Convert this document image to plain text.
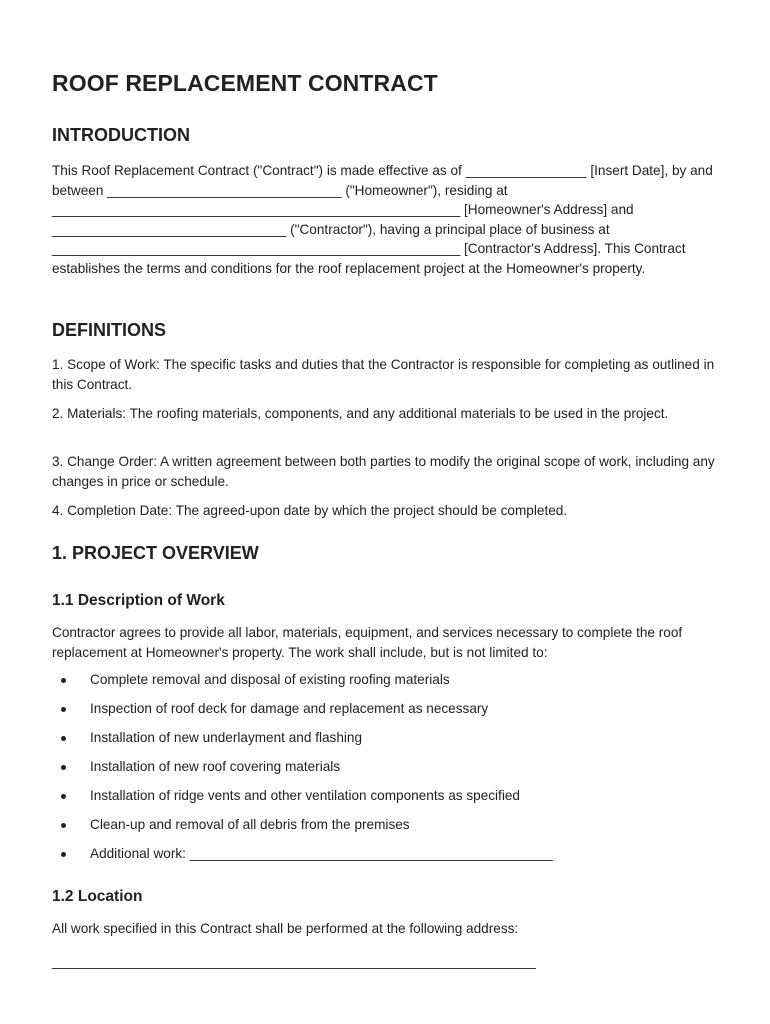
ROOF REPLACEMENT CONTRACT
INTRODUCTION

This Roof Replacement Contract ("Contract") is made effective as of ________________ [Insert Date], by and between _______________________________ ("Homeowner"), residing at ______________________________________________________ [Homeowner's Address] and _______________________________ ("Contractor"), having a principal place of business at ______________________________________________________ [Contractor's Address]. This Contract establishes the terms and conditions for the roof replacement project at the Homeowner's property.

DEFINITIONS

1. Scope of Work: The specific tasks and duties that the Contractor is responsible for completing as outlined in this Contract.

2. Materials: The roofing materials, components, and any additional materials to be used in the project.

3. Change Order: A written agreement between both parties to modify the original scope of work, including any changes in price or schedule.

4. Completion Date: The agreed-upon date by which the project should be completed.

1. PROJECT OVERVIEW
1.1 Description of Work

Contractor agrees to provide all labor, materials, equipment, and services necessary to complete the roof replacement at Homeowner's property. The work shall include, but is not limited to:

Complete removal and disposal of existing roofing materials
Inspection of roof deck for damage and replacement as necessary
Installation of new underlayment and flashing
Installation of new roof covering materials
Installation of ridge vents and other ventilation components as specified
Clean-up and removal of all debris from the premises
Additional work: ________________________________________________
1.2 Location

All work specified in this Contract shall be performed at the following address:

________________________________________________________________
